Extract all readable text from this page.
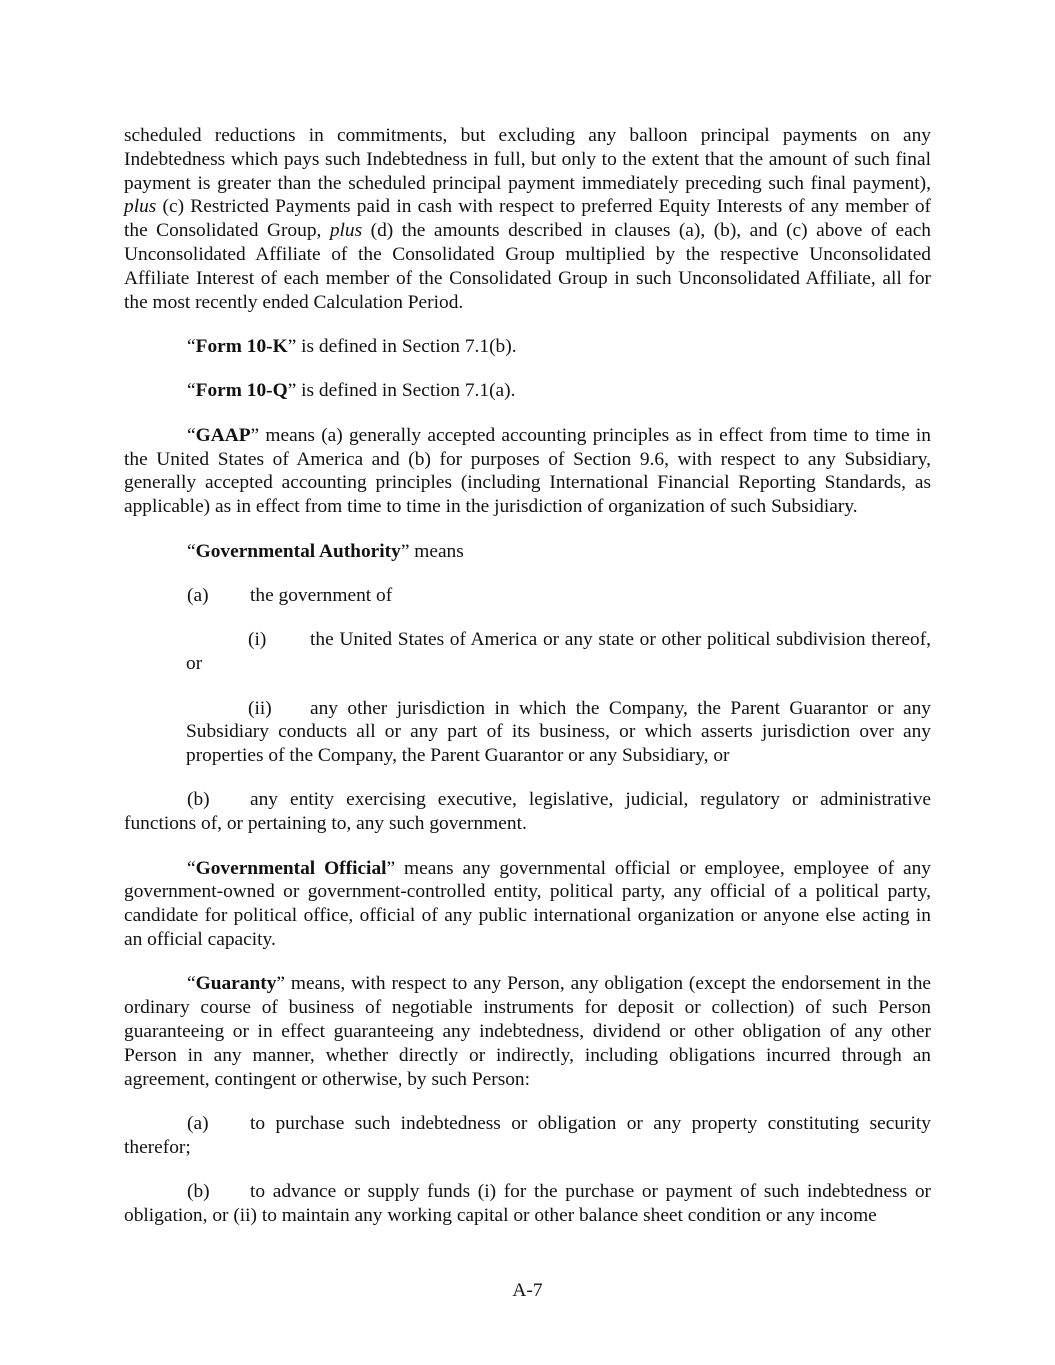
scheduled reductions in commitments, but excluding any balloon principal payments on any Indebtedness which pays such Indebtedness in full, but only to the extent that the amount of such final payment is greater than the scheduled principal payment immediately preceding such final payment), plus (c) Restricted Payments paid in cash with respect to preferred Equity Interests of any member of the Consolidated Group, plus (d) the amounts described in clauses (a), (b), and (c) above of each Unconsolidated Affiliate of the Consolidated Group multiplied by the respective Unconsolidated Affiliate Interest of each member of the Consolidated Group in such Unconsolidated Affiliate, all for the most recently ended Calculation Period.

“Form 10-K” is defined in Section 7.1(b).

“Form 10-Q” is defined in Section 7.1(a).

“GAAP” means (a) generally accepted accounting principles as in effect from time to time in the United States of America and (b) for purposes of Section 9.6, with respect to any Subsidiary, generally accepted accounting principles (including International Financial Reporting Standards, as applicable) as in effect from time to time in the jurisdiction of organization of such Subsidiary.

“Governmental Authority” means

(a) the government of

(i) the United States of America or any state or other political subdivision thereof, or

(ii) any other jurisdiction in which the Company, the Parent Guarantor or any Subsidiary conducts all or any part of its business, or which asserts jurisdiction over any properties of the Company, the Parent Guarantor or any Subsidiary, or

(b) any entity exercising executive, legislative, judicial, regulatory or administrative functions of, or pertaining to, any such government.

“Governmental Official” means any governmental official or employee, employee of any government-owned or government-controlled entity, political party, any official of a political party, candidate for political office, official of any public international organization or anyone else acting in an official capacity.

“Guaranty” means, with respect to any Person, any obligation (except the endorsement in the ordinary course of business of negotiable instruments for deposit or collection) of such Person guaranteeing or in effect guaranteeing any indebtedness, dividend or other obligation of any other Person in any manner, whether directly or indirectly, including obligations incurred through an agreement, contingent or otherwise, by such Person:

(a) to purchase such indebtedness or obligation or any property constituting security therefor;

(b) to advance or supply funds (i) for the purchase or payment of such indebtedness or obligation, or (ii) to maintain any working capital or other balance sheet condition or any income

A-7
